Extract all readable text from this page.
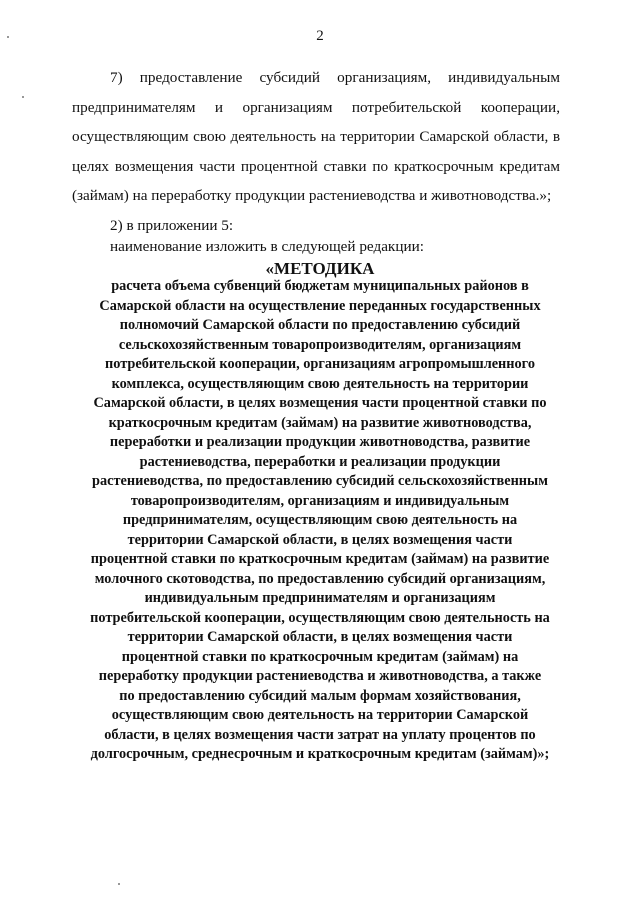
2

7) предоставление субсидий организациям, индивидуальным предпринимателям и организациям потребительской кооперации, осуществляющим свою деятельность на территории Самарской области, в целях возмещения части процентной ставки по краткосрочным кредитам (займам) на переработку продукции растениеводства и животноводства.»;

2) в приложении 5:

наименование изложить в следующей редакции:

«МЕТОДИКА

расчета объема субвенций бюджетам муниципальных районов в
Самарской области на осуществление переданных государственных
полномочий Самарской области по предоставлению субсидий
сельскохозяйственным товаропроизводителям, организациям
потребительской кооперации, организациям агропромышленного
комплекса, осуществляющим свою деятельность на территории
Самарской области, в целях возмещения части процентной ставки по
краткосрочным кредитам (займам) на развитие животноводства,
переработки и реализации продукции животноводства, развитие
растениеводства, переработки и реализации продукции
растениеводства, по предоставлению субсидий сельскохозяйственным
товаропроизводителям, организациям и индивидуальным
предпринимателям, осуществляющим свою деятельность на
территории Самарской области, в целях возмещения части
процентной ставки по краткосрочным кредитам (займам) на развитие
молочного скотоводства, по предоставлению субсидий организациям,
индивидуальным предпринимателям и организациям
потребительской кооперации, осуществляющим свою деятельность на
территории Самарской области, в целях возмещения части
процентной ставки по краткосрочным кредитам (займам) на
переработку продукции растениеводства и животноводства, а также
по предоставлению субсидий малым формам хозяйствования,
осуществляющим свою деятельность на территории Самарской
области, в целях возмещения части затрат на уплату процентов по
долгосрочным, среднесрочным и краткосрочным кредитам (займам)»;
